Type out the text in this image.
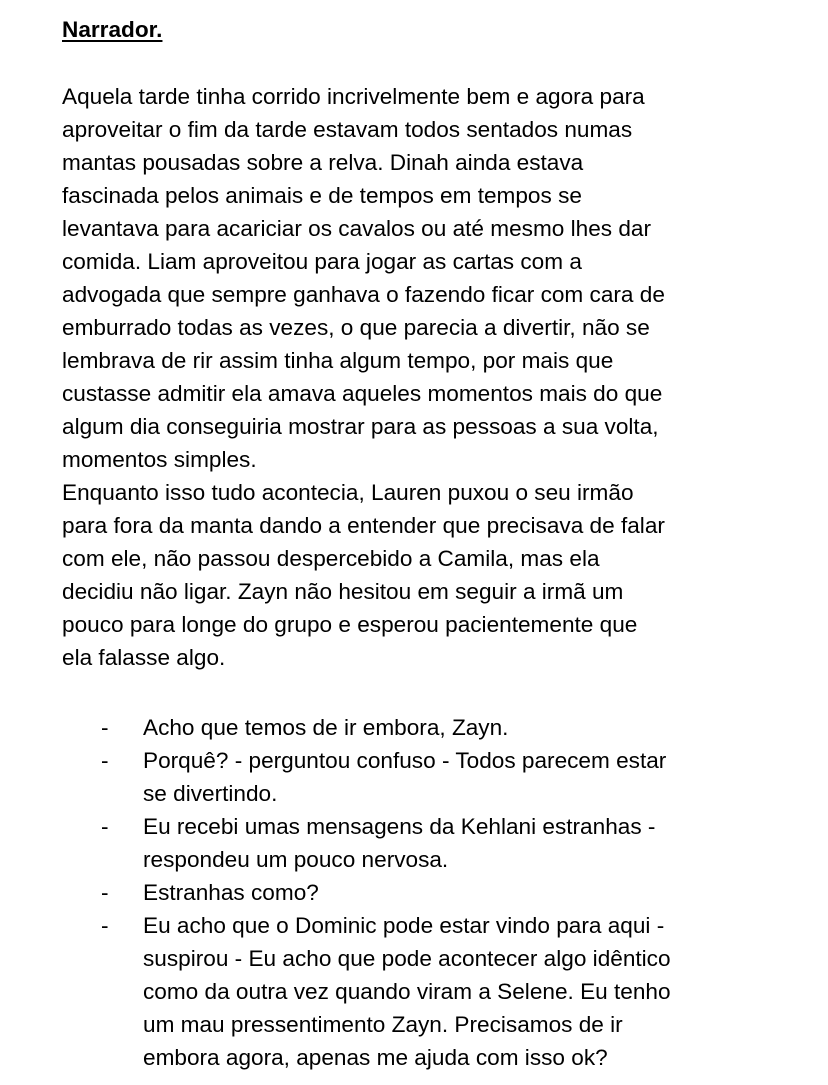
Narrador.
Aquela tarde tinha corrido incrivelmente bem e agora para
aproveitar o fim da tarde estavam todos sentados numas
mantas pousadas sobre a relva. Dinah ainda estava
fascinada pelos animais e de tempos em tempos se
levantava para acariciar os cavalos ou até mesmo lhes dar
comida. Liam aproveitou para jogar as cartas com a
advogada que sempre ganhava o fazendo ficar com cara de
emburrado todas as vezes, o que parecia a divertir, não se
lembrava de rir assim tinha algum tempo, por mais que
custasse admitir ela amava aqueles momentos mais do que
algum dia conseguiria mostrar para as pessoas a sua volta,
momentos simples.
Enquanto isso tudo acontecia, Lauren puxou o seu irmão
para fora da manta dando a entender que precisava de falar
com ele, não passou despercebido a Camila, mas ela
decidiu não ligar. Zayn não hesitou em seguir a irmã um
pouco para longe do grupo e esperou pacientemente que
ela falasse algo.
- Acho que temos de ir embora, Zayn.
- Porquê? - perguntou confuso - Todos parecem estar
se divertindo.
- Eu recebi umas mensagens da Kehlani estranhas -
respondeu um pouco nervosa.
- Estranhas como?
- Eu acho que o Dominic pode estar vindo para aqui -
suspirou - Eu acho que pode acontecer algo idêntico
como da outra vez quando viram a Selene. Eu tenho
um mau pressentimento Zayn. Precisamos de ir
embora agora, apenas me ajuda com isso ok?
